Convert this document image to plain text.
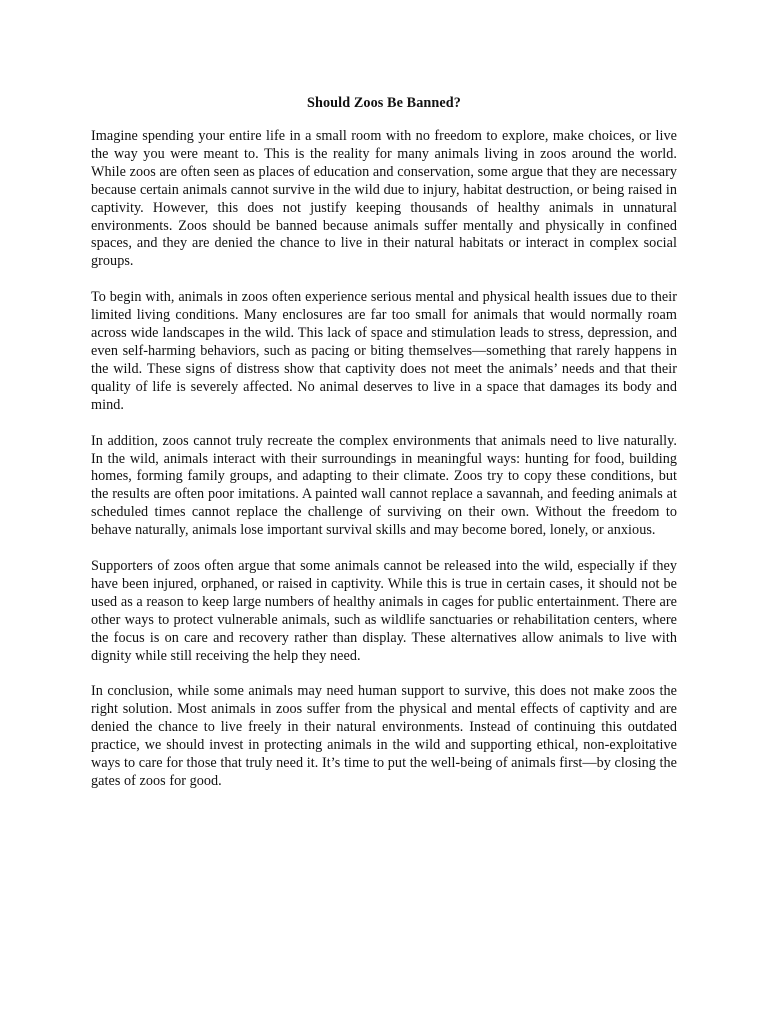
Should Zoos Be Banned?

Imagine spending your entire life in a small room with no freedom to explore, make choices, or live the way you were meant to. This is the reality for many animals living in zoos around the world. While zoos are often seen as places of education and conservation, some argue that they are necessary because certain animals cannot survive in the wild due to injury, habitat destruction, or being raised in captivity. However, this does not justify keeping thousands of healthy animals in unnatural environments. Zoos should be banned because animals suffer mentally and physically in confined spaces, and they are denied the chance to live in their natural habitats or interact in complex social groups.

To begin with, animals in zoos often experience serious mental and physical health issues due to their limited living conditions. Many enclosures are far too small for animals that would normally roam across wide landscapes in the wild. This lack of space and stimulation leads to stress, depression, and even self-harming behaviors, such as pacing or biting themselves—something that rarely happens in the wild. These signs of distress show that captivity does not meet the animals’ needs and that their quality of life is severely affected. No animal deserves to live in a space that damages its body and mind.

In addition, zoos cannot truly recreate the complex environments that animals need to live naturally. In the wild, animals interact with their surroundings in meaningful ways: hunting for food, building homes, forming family groups, and adapting to their climate. Zoos try to copy these conditions, but the results are often poor imitations. A painted wall cannot replace a savannah, and feeding animals at scheduled times cannot replace the challenge of surviving on their own. Without the freedom to behave naturally, animals lose important survival skills and may become bored, lonely, or anxious.

Supporters of zoos often argue that some animals cannot be released into the wild, especially if they have been injured, orphaned, or raised in captivity. While this is true in certain cases, it should not be used as a reason to keep large numbers of healthy animals in cages for public entertainment. There are other ways to protect vulnerable animals, such as wildlife sanctuaries or rehabilitation centers, where the focus is on care and recovery rather than display. These alternatives allow animals to live with dignity while still receiving the help they need.

In conclusion, while some animals may need human support to survive, this does not make zoos the right solution. Most animals in zoos suffer from the physical and mental effects of captivity and are denied the chance to live freely in their natural environments. Instead of continuing this outdated practice, we should invest in protecting animals in the wild and supporting ethical, non-exploitative ways to care for those that truly need it. It’s time to put the well-being of animals first—by closing the gates of zoos for good.
